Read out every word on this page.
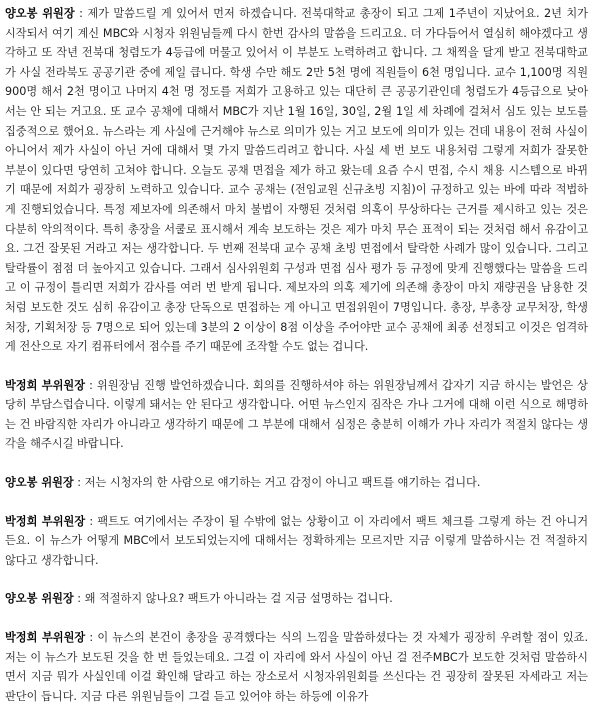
양오봉 위원장 : 제가 말씀드릴 게 있어서 먼저 하겠습니다. 전북대학교 총장이 되고 그제 1주년이 지났어요. 2년 치가 시작되서 여기 계신 MBC와 시청자 위원님들께 다시 한번 감사의 말씀을 드리고요. 더 가다듬어서 열심히 해야겠다고 생각하고 또 작년 전북대 청렴도가 4등급에 머물고 있어서 이 부분도 노력하려고 합니다. 그 채찍을 달게 받고 전북대학교가 사실 전라북도 공공기관 중에 제일 큽니다. 학생 수만 해도 2만 5천 명에 직원들이 6천 명입니다. 교수 1,100명 직원 900명 해서 2천 명이고 나머지 4천 명 정도를 저희가 고용하고 있는 대단히 큰 공공기관인데 청렴도가 4등급으로 낮아서는 안 되는 거고요. 또 교수 공채에 대해서 MBC가 지난 1월 16일, 30일, 2월 1일 세 차례에 걸쳐서 심도 있는 보도를 집중적으로 했어요. 뉴스라는 게 사실에 근거해야 뉴스로 의미가 있는 거고 보도에 의미가 있는 건데 내용이 전혀 사실이 아니어서 제가 사실이 아닌 거에 대해서 몇 가지 말씀드리려고 합니다. 사실 세 번 보도 내용처럼 그렇게 저희가 잘못한 부분이 있다면 당연히 고쳐야 합니다. 오늘도 공채 면접을 제가 하고 왔는데 요즘 수시 면접, 수시 채용 시스템으로 바뀌기 때문에 저희가 굉장히 노력하고 있습니다. 교수 공채는 (전임교원 신규초빙 지침)이 규정하고 있는 바에 따라 적법하게 진행되었습니다. 특정 제보자에 의존해서 마치 불법이 자행된 것처럼 의혹이 무상하다는 근거를 제시하고 있는 것은 다분히 악의적이다. 특히 총장을 서쿨로 표시해서 계속 보도하는 것은 제가 마치 무슨 표적이 되는 것처럼 해서 유감이고요. 그건 잘못된 거라고 저는 생각합니다. 두 번째 전북대 교수 공채 초빙 면접에서 탈락한 사례가 많이 있습니다. 그리고 탈락률이 점점 더 높아지고 있습니다. 그래서 심사위원회 구성과 면접 심사 평가 등 규정에 맞게 진행했다는 말씀을 드리고 이 규정이 틀리면 저희가 감사를 여러 번 받게 됩니다. 제보자의 의혹 제기에 의존해 총장이 마치 재량권을 남용한 것처럼 보도한 것도 심히 유감이고 총장 단독으로 면접하는 게 아니고 면접위원이 7명입니다. 총장, 부총장 교무처장, 학생처장, 기획처장 등 7명으로 되어 있는데 3분의 2 이상이 8점 이상을 주어야만 교수 공채에 최종 선정되고 이것은 엄격하게 전산으로 자기 컴퓨터에서 점수를 주기 때문에 조작할 수도 없는 겁니다.

박정희 부위원장 : 위원장님 진행 발언하겠습니다. 회의를 진행하셔야 하는 위원장님께서 갑자기 지금 하시는 발언은 상당히 부담스럽습니다. 이렇게 돼서는 안 된다고 생각합니다. 어떤 뉴스인지 짐작은 가나 그거에 대해 이런 식으로 해명하는 건 바람직한 자리가 아니라고 생각하기 때문에 그 부분에 대해서 심정은 충분히 이해가 가나 자리가 적절치 않다는 생각을 해주시길 바랍니다.

양오봉 위원장 : 저는 시청자의 한 사람으로 얘기하는 거고 감정이 아니고 팩트를 얘기하는 겁니다.

박정희 부위원장 : 팩트도 여기에서는 주장이 될 수밖에 없는 상황이고 이 자리에서 팩트 체크를 그렇게 하는 건 아니거든요. 이 뉴스가 어떻게 MBC에서 보도되었는지에 대해서는 정확하게는 모르지만 지금 이렇게 말씀하시는 건 적절하지 않다고 생각합니다.

양오봉 위원장 : 왜 적절하지 않나요? 팩트가 아니라는 걸 지금 설명하는 겁니다.

박정희 부위원장 : 이 뉴스의 본건이 총장을 공격했다는 식의 느낌을 말씀하셨다는 것 자체가 굉장히 우려할 점이 있죠. 저는 이 뉴스가 보도된 것을 한 번 들었는데요. 그걸 이 자리에 와서 사실이 아닌 걸 전주MBC가 보도한 것처럼 말씀하시면서 지금 뭐가 사실인데 이걸 확인해 달라고 하는 장소로서 시청자위원회를 쓰신다는 건 굉장히 잘못된 자세라고 저는 판단이 듭니다. 지금 다른 위원님들이 그걸 듣고 있어야 하는 하등에 이유가
